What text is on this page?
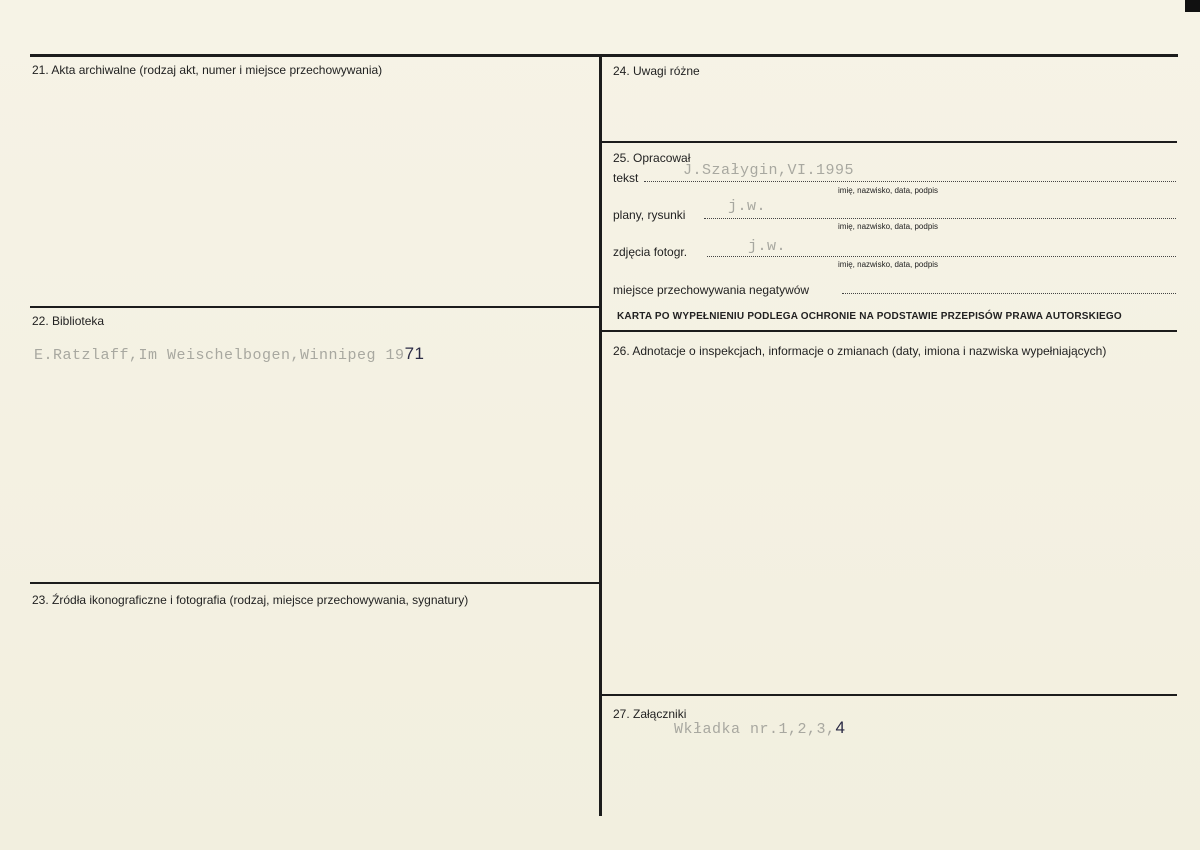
21. Akta archiwalne (rodzaj akt, numer i miejsce przechowywania)
22. Biblioteka
E.Ratzlaff,Im Weischelbogen,Winnipeg 1971
23. Źródła ikonograficzne i fotografia (rodzaj, miejsce przechowywania, sygnatury)
24. Uwagi różne
25. Opracował
tekst	J.Szałygin,VI.1995
imię, nazwisko, data, podpis
plany, rysunki	j.w.
imię, nazwisko, data, podpis
zdjęcia fotogr.	j.w.
imię, nazwisko, data, podpis
miejsce przechowywania negatywów
KARTA PO WYPEŁNIENIU PODLEGA OCHRONIE NA PODSTAWIE PRZEPISÓW PRAWA AUTORSKIEGO
26. Adnotacje o inspekcjach, informacje o zmianach (daty, imiona i nazwiska wypełniających)
27. Załączniki
Wkładka nr.1,2,3,4
